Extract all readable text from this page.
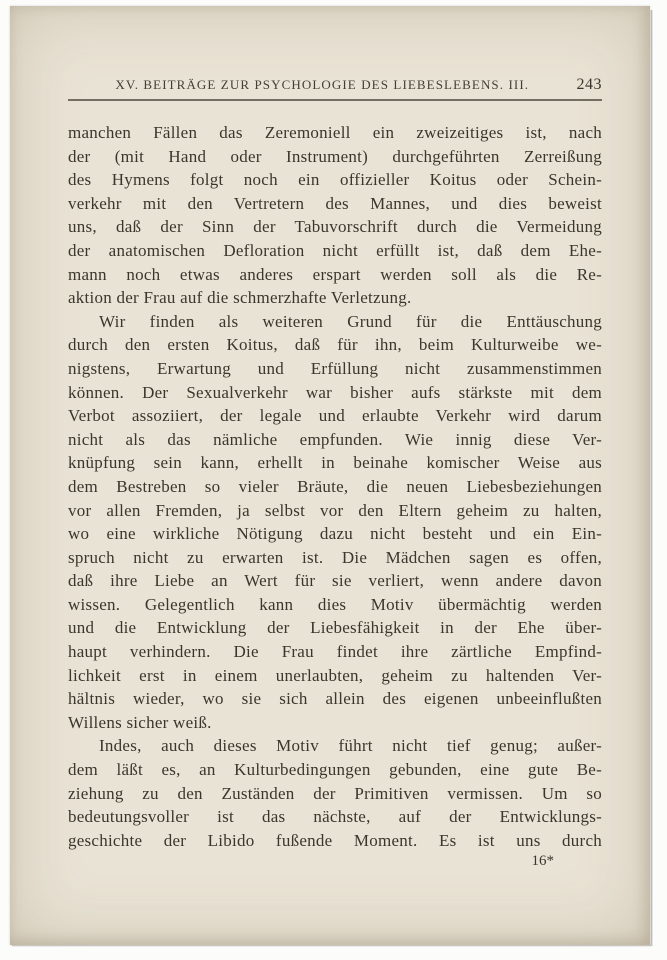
XV. BEITRÄGE ZUR PSYCHOLOGIE DES LIEBESLEBENS. III.	243
manchen Fällen das Zeremoniell ein zweizeitiges ist, nach
der (mit Hand oder Instrument) durchgeführten Zerreißung
des Hymens folgt noch ein offizieller Koitus oder Schein-
verkehr mit den Vertretern des Mannes, und dies beweist
uns, daß der Sinn der Tabuvorschrift durch die Vermeidung
der anatomischen Defloration nicht erfüllt ist, daß dem Ehe-
mann noch etwas anderes erspart werden soll als die Re-
aktion der Frau auf die schmerzhafte Verletzung.
Wir finden als weiteren Grund für die Enttäuschung
durch den ersten Koitus, daß für ihn, beim Kulturweibe we-
nigstens, Erwartung und Erfüllung nicht zusammenstimmen
können. Der Sexualverkehr war bisher aufs stärkste mit dem
Verbot assoziiert, der legale und erlaubte Verkehr wird darum
nicht als das nämliche empfunden. Wie innig diese Ver-
knüpfung sein kann, erhellt in beinahe komischer Weise aus
dem Bestreben so vieler Bräute, die neuen Liebesbeziehungen
vor allen Fremden, ja selbst vor den Eltern geheim zu halten,
wo eine wirkliche Nötigung dazu nicht besteht und ein Ein-
spruch nicht zu erwarten ist. Die Mädchen sagen es offen,
daß ihre Liebe an Wert für sie verliert, wenn andere davon
wissen. Gelegentlich kann dies Motiv übermächtig werden
und die Entwicklung der Liebesfähigkeit in der Ehe über-
haupt verhindern. Die Frau findet ihre zärtliche Empfind-
lichkeit erst in einem unerlaubten, geheim zu haltenden Ver-
hältnis wieder, wo sie sich allein des eigenen unbeeinflußten
Willens sicher weiß.
Indes, auch dieses Motiv führt nicht tief genug; außer-
dem läßt es, an Kulturbedingungen gebunden, eine gute Be-
ziehung zu den Zuständen der Primitiven vermissen. Um so
bedeutungsvoller ist das nächste, auf der Entwicklungs-
geschichte der Libido fußende Moment. Es ist uns durch
16*
